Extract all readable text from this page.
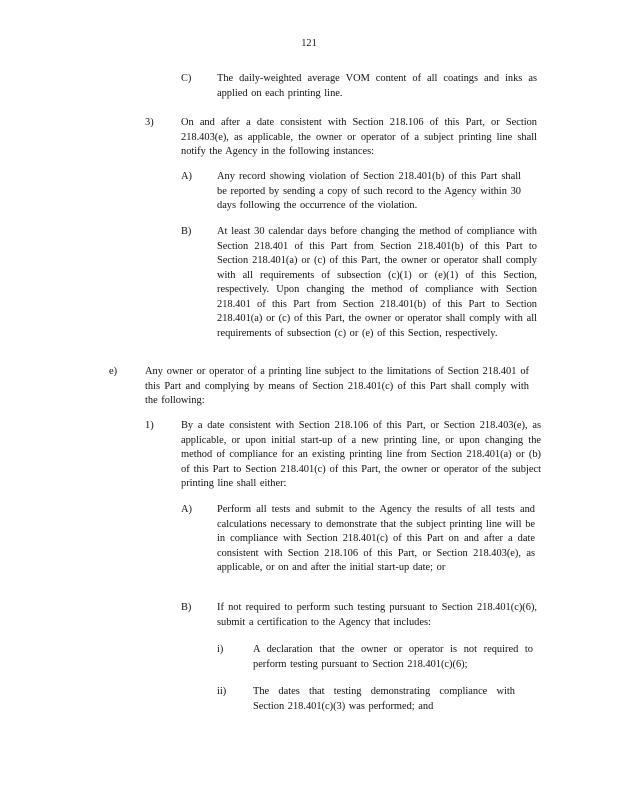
121
C) The daily-weighted average VOM content of all coatings and inks as applied on each printing line.
3)	On and after a date consistent with Section 218.106 of this Part, or Section 218.403(e), as applicable, the owner or operator of a subject printing line shall notify the Agency in the following instances:
A) Any record showing violation of Section 218.401(b) of this Part shall be reported by sending a copy of such record to the Agency within 30 days following the occurrence of the violation.
B) At least 30 calendar days before changing the method of compliance with Section 218.401 of this Part from Section 218.401(b) of this Part to Section 218.401(a) or (c) of this Part, the owner or operator shall comply with all requirements of subsection (c)(1) or (e)(1) of this Section, respectively. Upon changing the method of compliance with Section 218.401 of this Part from Section 218.401(b) of this Part to Section 218.401(a) or (c) of this Part, the owner or operator shall comply with all requirements of subsection (c) or (e) of this Section, respectively.
e)	Any owner or operator of a printing line subject to the limitations of Section 218.401 of this Part and complying by means of Section 218.401(c) of this Part shall comply with the following:
1)	By a date consistent with Section 218.106 of this Part, or Section 218.403(e), as applicable, or upon initial start-up of a new printing line, or upon changing the method of compliance for an existing printing line from Section 218.401(a) or (b) of this Part to Section 218.401(c) of this Part, the owner or operator of the subject printing line shall either:
A) Perform all tests and submit to the Agency the results of all tests and calculations necessary to demonstrate that the subject printing line will be in compliance with Section 218.401(c) of this Part on and after a date consistent with Section 218.106 of this Part, or Section 218.403(e), as applicable, or on and after the initial start-up date; or
B) If not required to perform such testing pursuant to Section 218.401(c)(6), submit a certification to the Agency that includes:
i)	A declaration that the owner or operator is not required to perform testing pursuant to Section 218.401(c)(6);
ii)	The dates that testing demonstrating compliance with Section 218.401(c)(3) was performed; and
